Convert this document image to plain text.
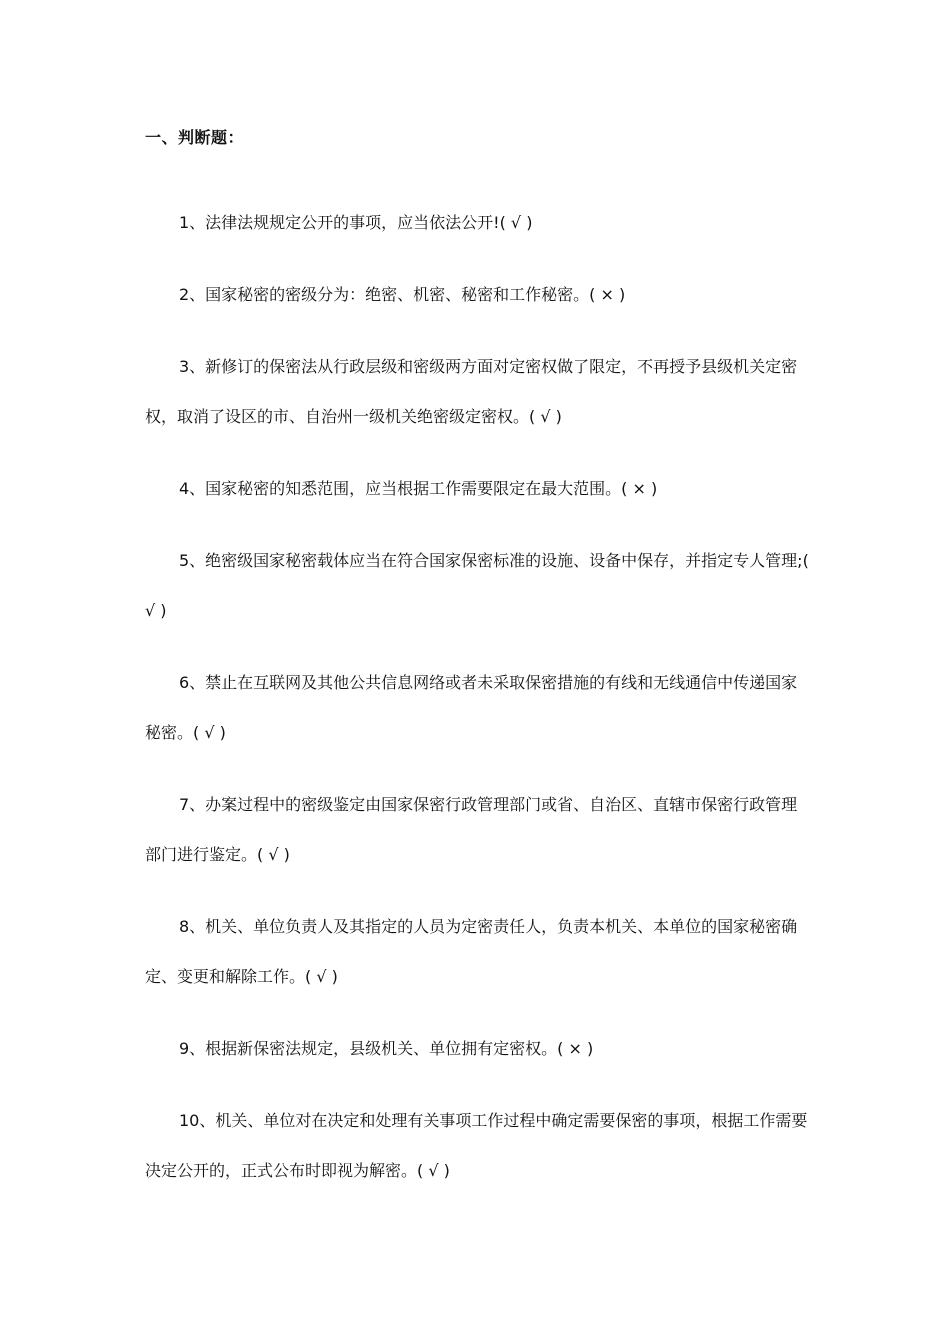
一、判断题：

1、法律法规规定公开的事项，应当依法公开!( √ )

2、国家秘密的密级分为：绝密、机密、秘密和工作秘密。( × )

3、新修订的保密法从行政层级和密级两方面对定密权做了限定，不再授予县级机关定密权，取消了设区的市、自治州一级机关绝密级定密权。( √ )

4、国家秘密的知悉范围，应当根据工作需要限定在最大范围。( × )

5、绝密级国家秘密载体应当在符合国家保密标准的设施、设备中保存，并指定专人管理;( √ )

6、禁止在互联网及其他公共信息网络或者未采取保密措施的有线和无线通信中传递国家秘密。( √ )

7、办案过程中的密级鉴定由国家保密行政管理部门或省、自治区、直辖市保密行政管理部门进行鉴定。( √ )

8、机关、单位负责人及其指定的人员为定密责任人，负责本机关、本单位的国家秘密确定、变更和解除工作。( √ )

9、根据新保密法规定，县级机关、单位拥有定密权。( × )

10、机关、单位对在决定和处理有关事项工作过程中确定需要保密的事项，根据工作需要决定公开的，正式公布时即视为解密。( √ )
